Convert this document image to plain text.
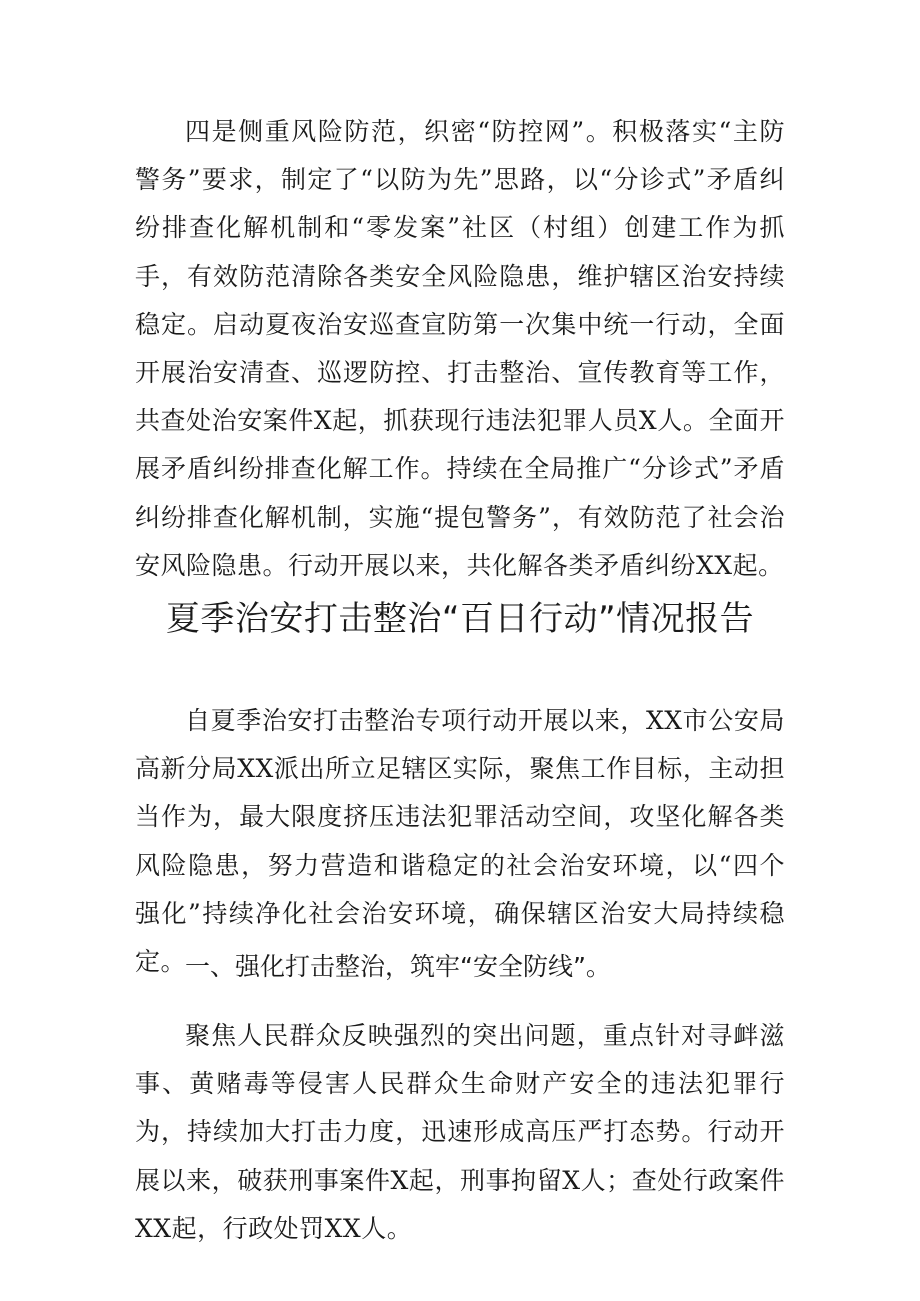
四是侧重风险防范，织密“防控网”。积极落实“主防警务”要求，制定了“以防为先”思路，以“分诊式”矛盾纠纷排查化解机制和“零发案”社区（村组）创建工作为抓手，有效防范清除各类安全风险隐患，维护辖区治安持续稳定。启动夏夜治安巡查宣防第一次集中统一行动，全面开展治安清查、巡逻防控、打击整治、宣传教育等工作，共查处治安案件X起，抓获现行违法犯罪人员X人。全面开展矛盾纠纷排查化解工作。持续在全局推广“分诊式”矛盾纠纷排查化解机制，实施“提包警务”，有效防范了社会治安风险隐患。行动开展以来，共化解各类矛盾纠纷XX起。

夏季治安打击整治“百日行动”情况报告

自夏季治安打击整治专项行动开展以来，XX市公安局高新分局XX派出所立足辖区实际，聚焦工作目标，主动担当作为，最大限度挤压违法犯罪活动空间，攻坚化解各类风险隐患，努力营造和谐稳定的社会治安环境，以“四个强化”持续净化社会治安环境，确保辖区治安大局持续稳定。

一、强化打击整治，筑牢“安全防线”。

聚焦人民群众反映强烈的突出问题，重点针对寻衅滋事、黄赌毒等侵害人民群众生命财产安全的违法犯罪行为，持续加大打击力度，迅速形成高压严打态势。行动开展以来，破获刑事案件X起，刑事拘留X人；查处行政案件XX起，行政处罚XX人。
